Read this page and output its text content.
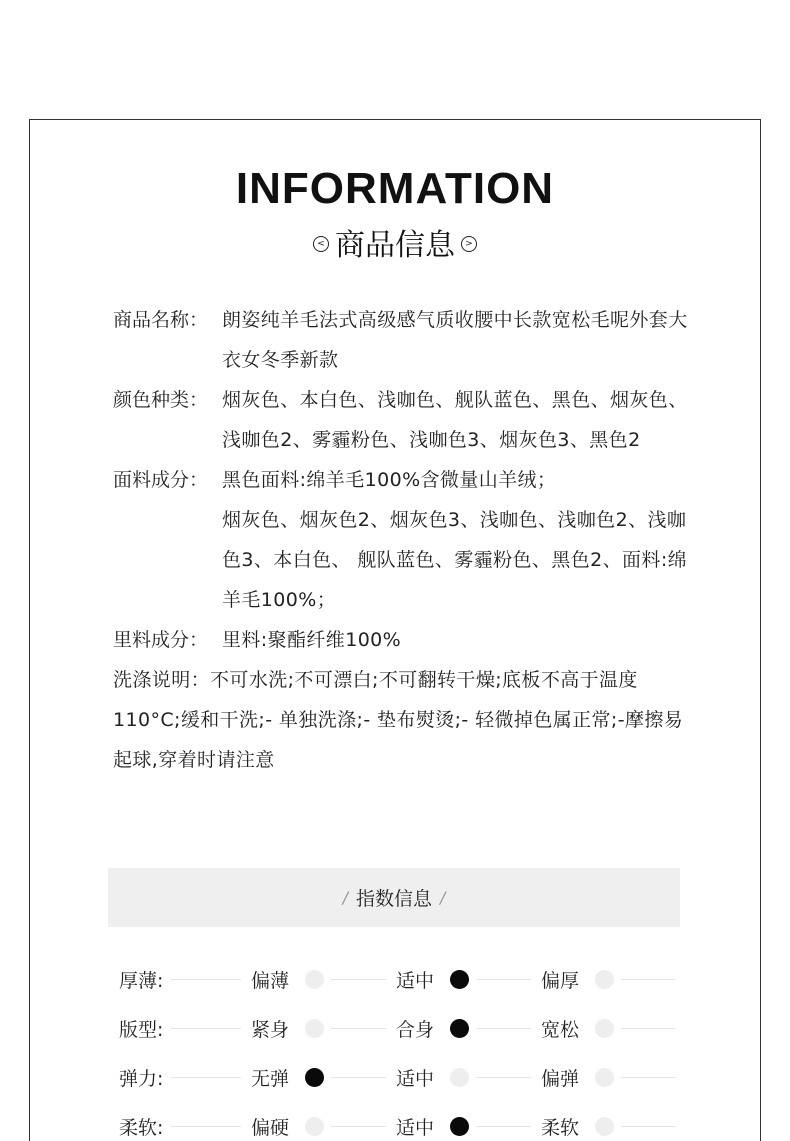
INFORMATION
< 商品信息	>
商品名称： 朗姿纯羊毛法式高级感气质收腰中长款宽松毛呢外套大衣女冬季新款
颜色种类： 烟灰色、本白色、浅咖色、舰队蓝色、黑色、烟灰色、浅咖色2、雾霾粉色、浅咖色3、烟灰色3、黑色2
面料成分： 黑色面料:绵羊毛100%含微量山羊绒；
烟灰色、烟灰色2、烟灰色3、浅咖色、浅咖色2、浅咖色3、本白色、 舰队蓝色、雾霾粉色、黑色2、面料:绵羊毛100%；
里料成分： 里料:聚酯纤维100%
洗涤说明：不可水洗;不可漂白;不可翻转干燥;底板不高于温度110°C;缓和干洗;- 单独洗涤;- 垫布熨烫;- 轻微掉色属正常;-摩擦易起球,穿着时请注意
/ 指数信息 /
厚薄:	偏薄	适中	偏厚
版型:	紧身	合身	宽松
弹力:	无弹	适中	偏弹
柔软:	偏硬	适中	柔软
